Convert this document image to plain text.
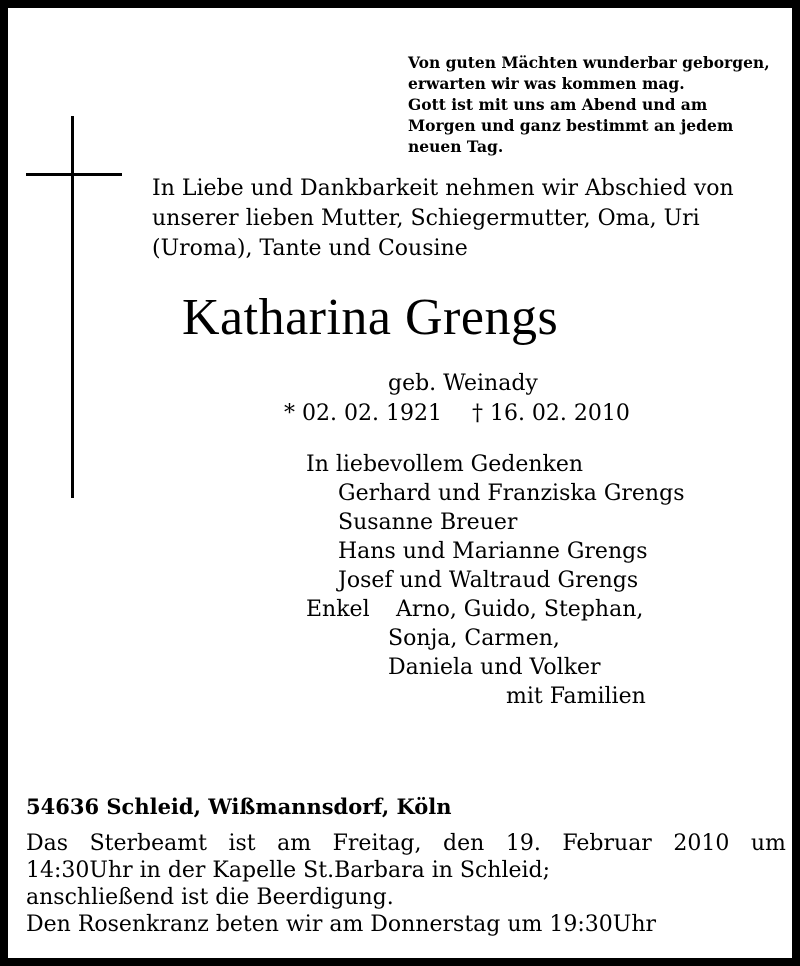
Von guten Mächten wunderbar geborgen,
erwarten wir was kommen mag.
Gott ist mit uns am Abend und am
Morgen und ganz bestimmt an jedem
neuen Tag.
In Liebe und Dankbarkeit nehmen wir Abschied von
unserer lieben Mutter, Schiegermutter, Oma, Uri
(Uroma), Tante und Cousine
Katharina Grengs
geb. Weinady
* 02. 02. 1921 † 16. 02. 2010
In liebevollem Gedenken
Gerhard und Franziska Grengs
Susanne Breuer
Hans und Marianne Grengs
Josef und Waltraud Grengs
Enkel Arno, Guido, Stephan,
Sonja, Carmen,
Daniela und Volker
mit Familien
54636 Schleid, Wißmannsdorf, Köln
Das Sterbeamt ist am Freitag, den 19. Februar 2010 um
14:30Uhr in der Kapelle St.Barbara in Schleid;
anschließend ist die Beerdigung.
Den Rosenkranz beten wir am Donnerstag um 19:30Uhr
